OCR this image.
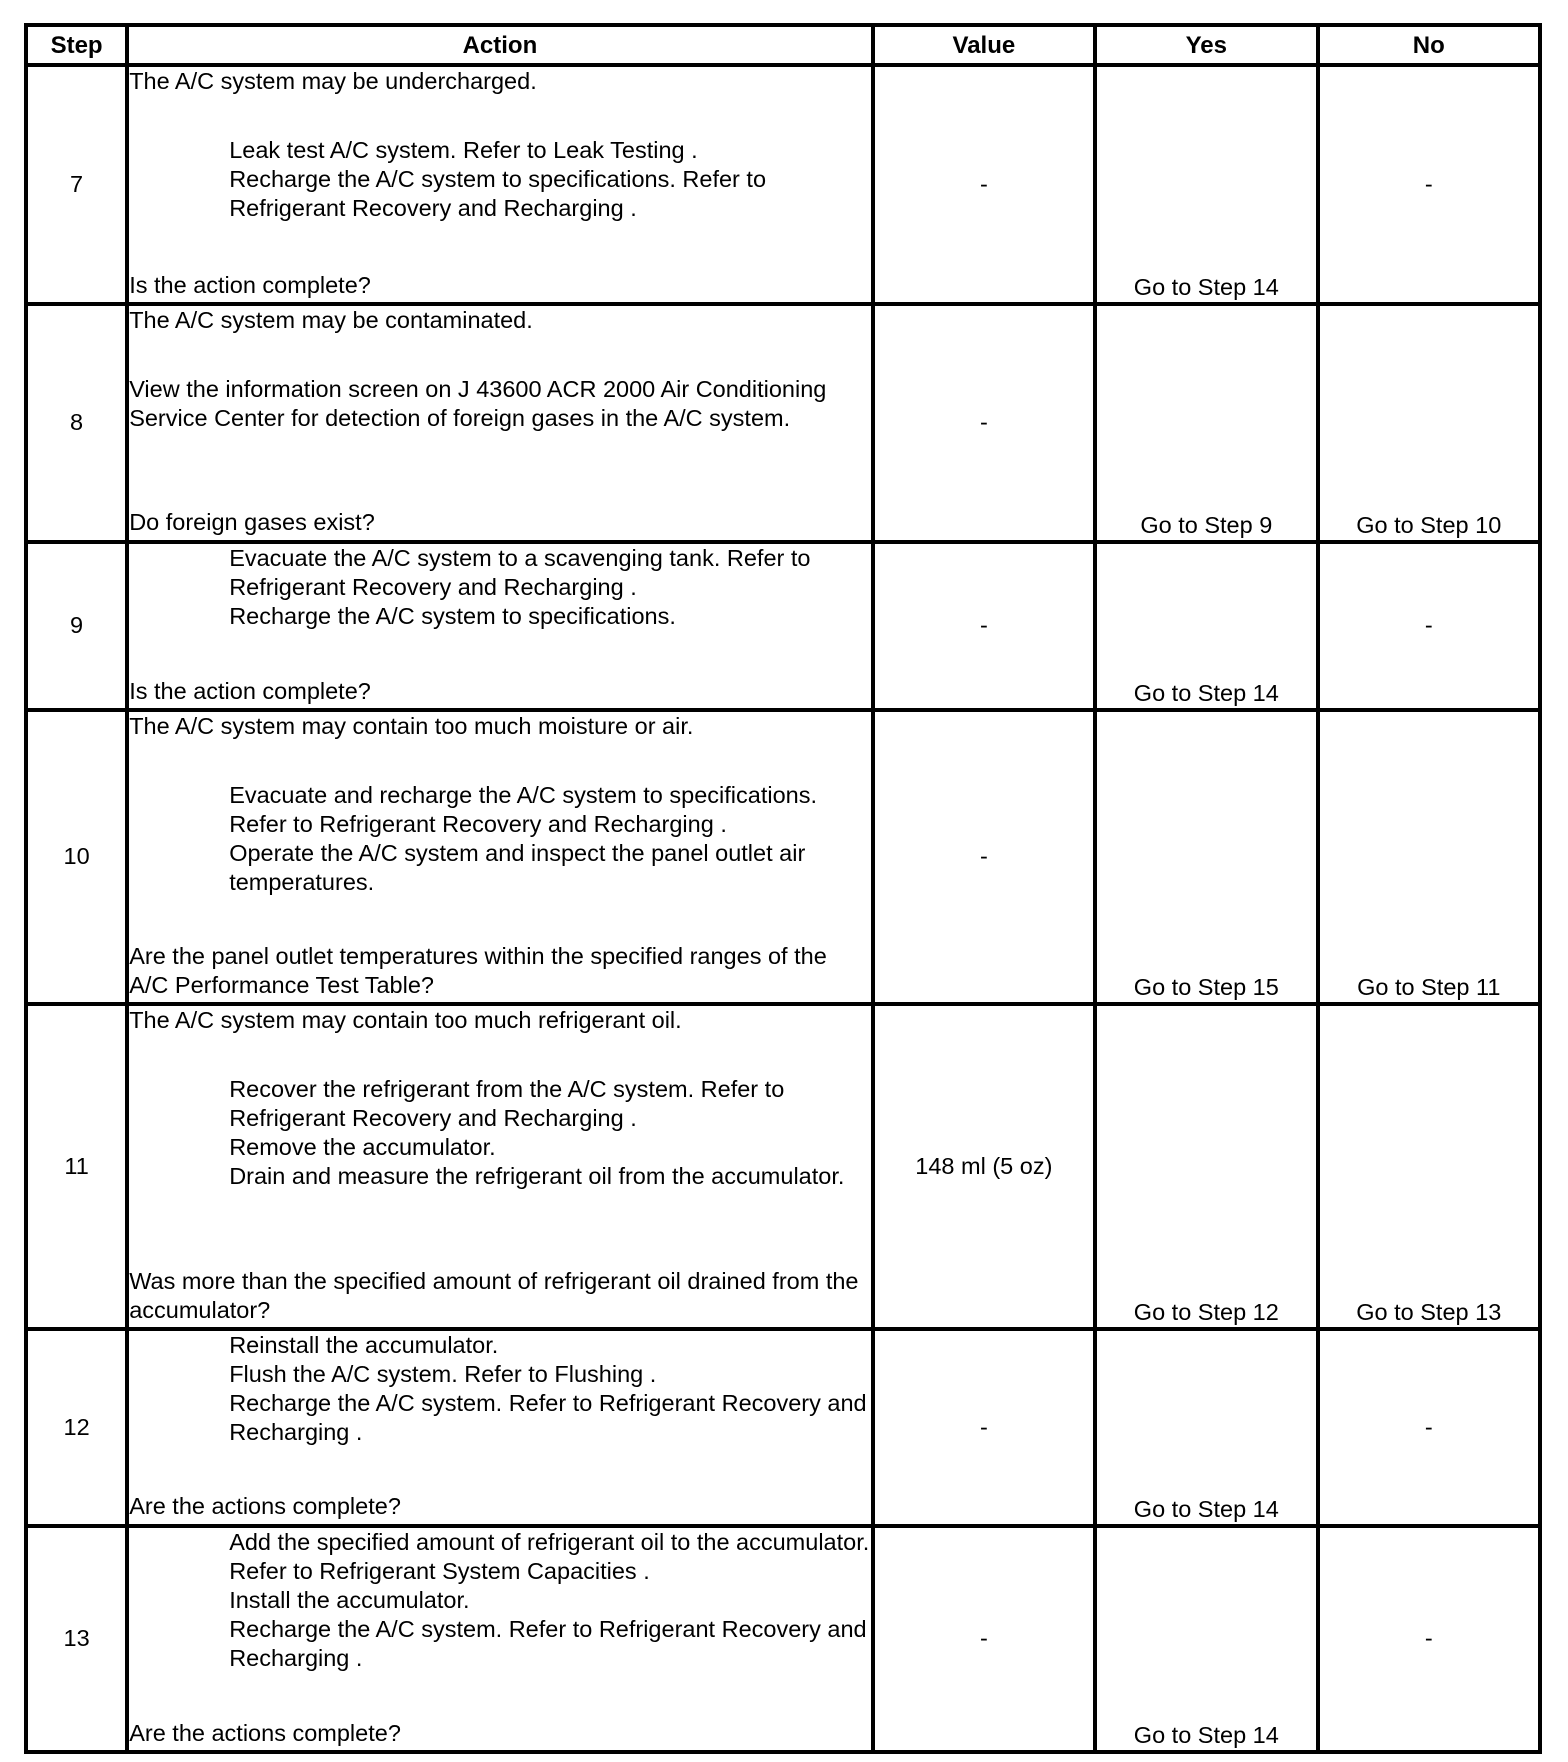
Step	Action	Value	Yes	No
7	The A/C system may be undercharged.
Leak test A/C system. Refer to Leak Testing .
Recharge the A/C system to specifications. Refer to Refrigerant Recovery and Recharging .
Is the action complete?	-	Go to Step 14	-
8	The A/C system may be contaminated.
View the information screen on J 43600 ACR 2000 Air Conditioning Service Center for detection of foreign gases in the A/C system.
Do foreign gases exist?	-	Go to Step 9	Go to Step 10
9	Evacuate the A/C system to a scavenging tank. Refer to Refrigerant Recovery and Recharging .
Recharge the A/C system to specifications.
Is the action complete?	-	Go to Step 14	-
10	The A/C system may contain too much moisture or air.
Evacuate and recharge the A/C system to specifications. Refer to Refrigerant Recovery and Recharging .
Operate the A/C system and inspect the panel outlet air temperatures.
Are the panel outlet temperatures within the specified ranges of the A/C Performance Test Table?	-	Go to Step 15	Go to Step 11
11	The A/C system may contain too much refrigerant oil.
Recover the refrigerant from the A/C system. Refer to Refrigerant Recovery and Recharging .
Remove the accumulator.
Drain and measure the refrigerant oil from the accumulator.
Was more than the specified amount of refrigerant oil drained from the accumulator?	148 ml (5 oz)	Go to Step 12	Go to Step 13
12	Reinstall the accumulator.
Flush the A/C system. Refer to Flushing .
Recharge the A/C system. Refer to Refrigerant Recovery and Recharging .
Are the actions complete?	-	Go to Step 14	-
13	Add the specified amount of refrigerant oil to the accumulator. Refer to Refrigerant System Capacities .
Install the accumulator.
Recharge the A/C system. Refer to Refrigerant Recovery and Recharging .
Are the actions complete?	-	Go to Step 14	-
